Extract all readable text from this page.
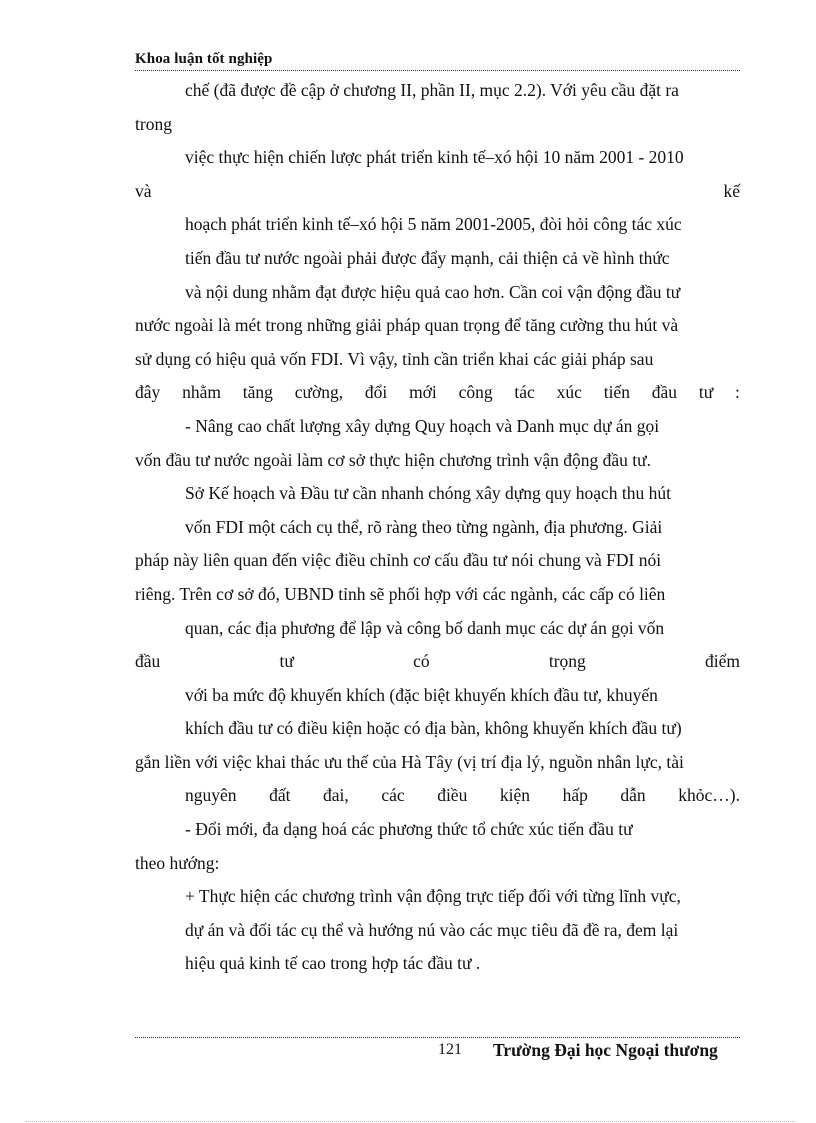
Khoa luận tốt nghiệp
chế (đã được đề cập ở chương II, phần II, mục 2.2). Với yêu cầu đặt ra
trong
việc thực hiện chiến lược phát triển kinh tế–xó hội 10 năm 2001 - 2010
và	kế
hoạch phát triển kinh tế–xó hội 5 năm 2001-2005, đòi hỏi công tác xúc
tiến đầu tư nước ngoài phải được đẩy mạnh, cải thiện cả về hình thức
và nội dung nhằm đạt được hiệu quả cao hơn. Cần coi vận động đầu tư
nước ngoài là mét trong những giải pháp quan trọng để tăng cường thu hút và
sử dụng có hiệu quả vốn FDI. Vì vậy, tỉnh cần triển khai các giải pháp sau
đây nhằm tăng cường, đổi mới công tác xúc tiến đầu tư :
- Nâng cao chất lượng xây dựng Quy hoạch và Danh mục dự án gọi
vốn đầu tư nước ngoài làm cơ sở thực hiện chương trình vận động đầu tư.
Sở Kế hoạch và Đầu tư cần nhanh chóng xây dựng quy hoạch thu hút
vốn FDI một cách cụ thể, rõ ràng theo từng ngành, địa phương. Giải
pháp này liên quan đến việc điều chỉnh cơ cấu đầu tư nói chung và FDI nói
riêng. Trên cơ sở đó, UBND tỉnh sẽ phối hợp với các ngành, các cấp có liên
quan, các địa phương để lập và công bố danh mục các dự án gọi vốn
đầu	tư	có	trọng	điểm
với ba mức độ khuyến khích (đặc biệt khuyến khích đầu tư, khuyến
khích đầu tư có điều kiện hoặc có địa bàn, không khuyến khích đầu tư)
gắn liền với việc khai thác ưu thế của Hà Tây (vị trí địa lý, nguồn nhân lực, tài
nguyên đất đai, các điều kiện hấp dẫn khỏc…).
- Đổi mới, đa dạng hoá các phương thức tổ chức xúc tiến đầu tư
theo hướng:
+ Thực hiện các chương trình vận động trực tiếp đối với từng lĩnh vực,
dự án và đối tác cụ thể và hướng nú vào các mục tiêu đã đề ra, đem lại
hiệu quả kinh tế cao trong hợp tác đầu tư .
121 Trường Đại học Ngoại thương
